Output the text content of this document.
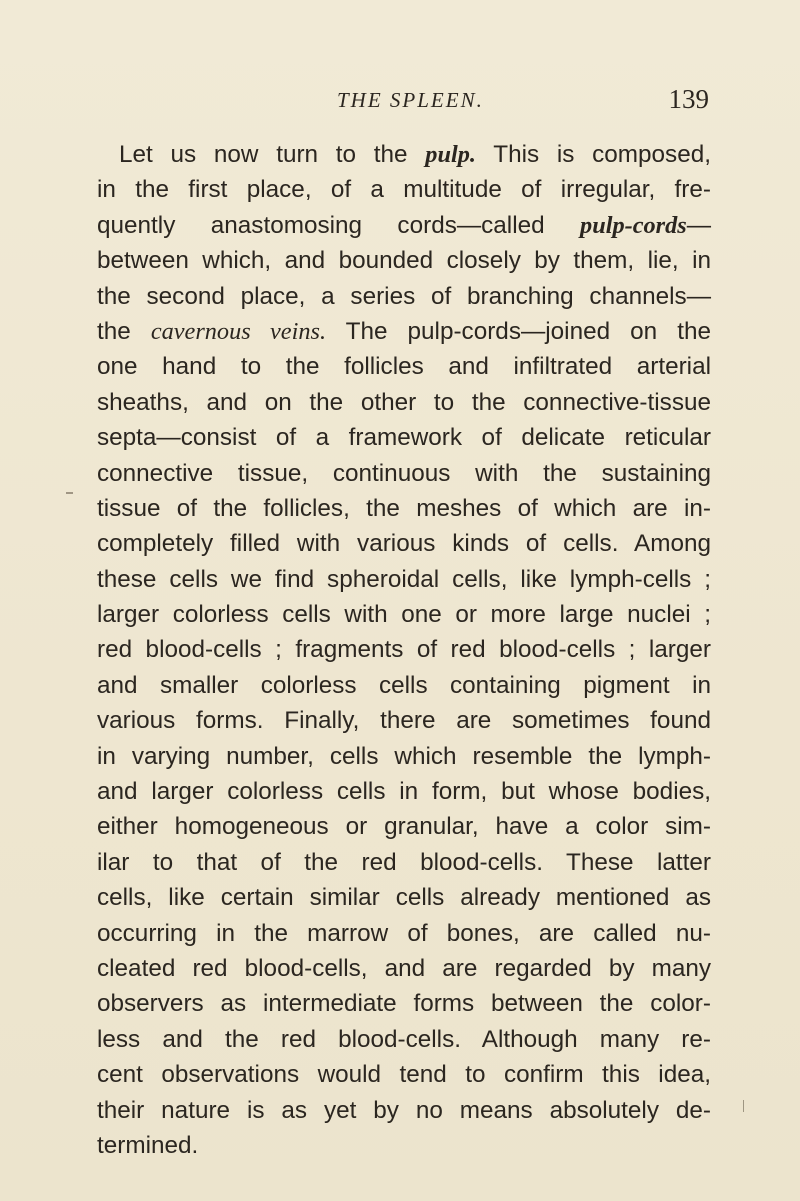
THE SPLEEN.	139
Let us now turn to the pulp. This is composed,
in the first place, of a multitude of irregular, fre-
quently anastomosing cords—called pulp-cords—
between which, and bounded closely by them, lie, in
the second place, a series of branching channels—
the cavernous veins. The pulp-cords—joined on the
one hand to the follicles and infiltrated arterial
sheaths, and on the other to the connective-tissue
septa—consist of a framework of delicate reticular
connective tissue, continuous with the sustaining
tissue of the follicles, the meshes of which are in-
completely filled with various kinds of cells. Among
these cells we find spheroidal cells, like lymph-cells ;
larger colorless cells with one or more large nuclei ;
red blood-cells ; fragments of red blood-cells ; larger
and smaller colorless cells containing pigment in
various forms. Finally, there are sometimes found
in varying number, cells which resemble the lymph-
and larger colorless cells in form, but whose bodies,
either homogeneous or granular, have a color sim-
ilar to that of the red blood-cells. These latter
cells, like certain similar cells already mentioned as
occurring in the marrow of bones, are called nu-
cleated red blood-cells, and are regarded by many
observers as intermediate forms between the color-
less and the red blood-cells. Although many re-
cent observations would tend to confirm this idea,
their nature is as yet by no means absolutely de-
termined.
